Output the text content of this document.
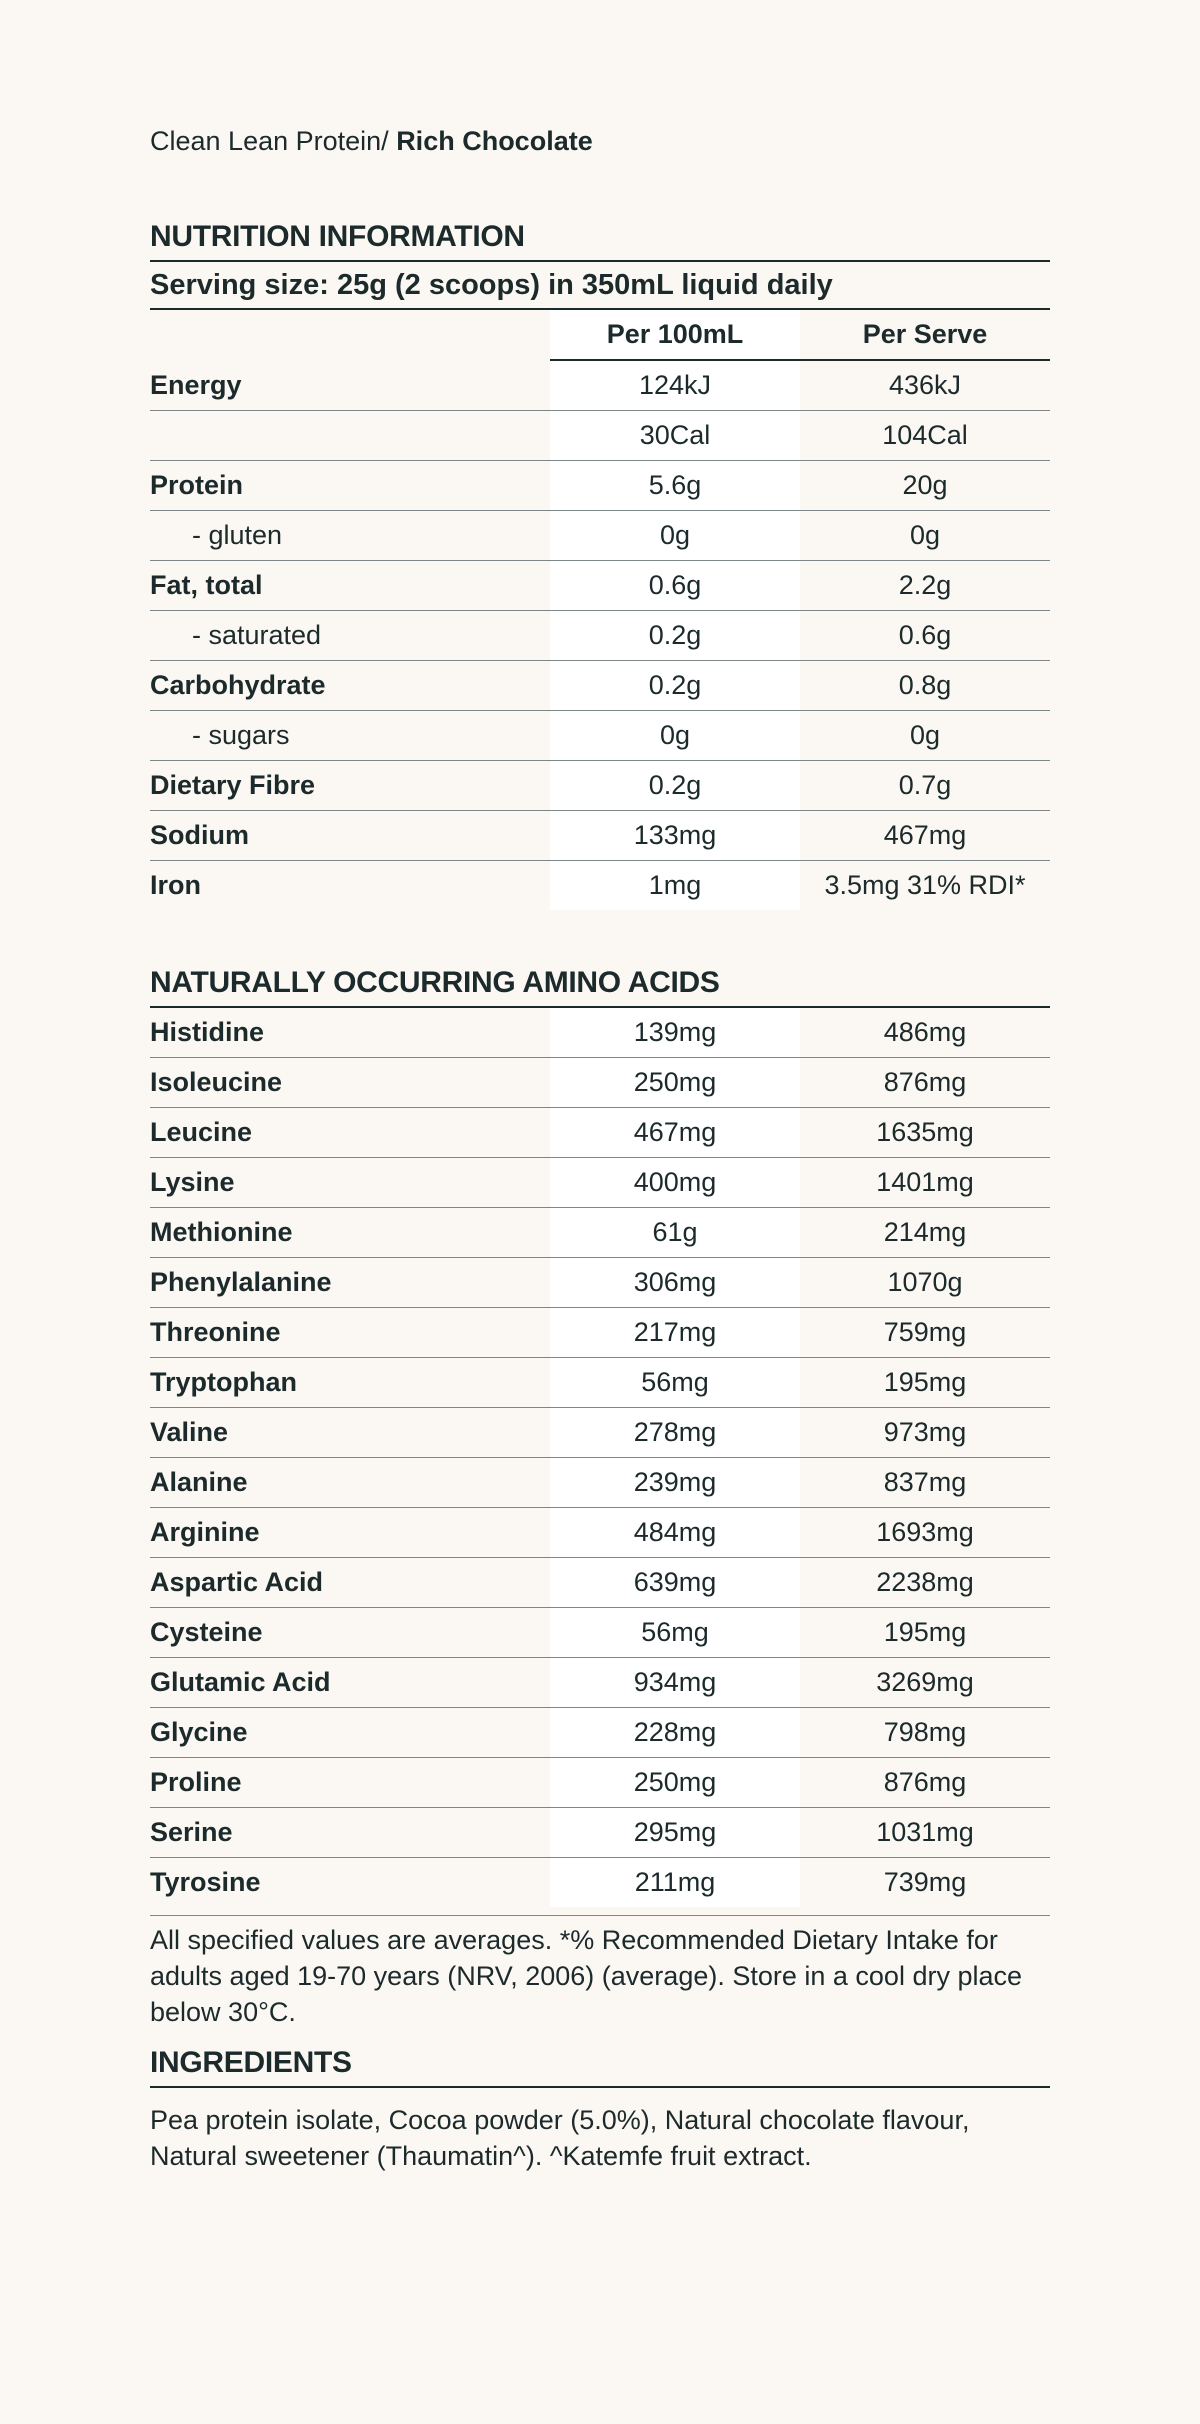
Clean Lean Protein/ Rich Chocolate
NUTRITION INFORMATION
Serving size: 25g (2 scoops) in 350mL liquid daily
	Per 100mL	Per Serve
Energy	124kJ	436kJ
	30Cal	104Cal
Protein	5.6g	20g
- gluten	0g	0g
Fat, total	0.6g	2.2g
- saturated	0.2g	0.6g
Carbohydrate	0.2g	0.8g
- sugars	0g	0g
Dietary Fibre	0.2g	0.7g
Sodium	133mg	467mg
Iron	1mg	3.5mg 31% RDI*
NATURALLY OCCURRING AMINO ACIDS
Histidine	139mg	486mg
Isoleucine	250mg	876mg
Leucine	467mg	1635mg
Lysine	400mg	1401mg
Methionine	61g	214mg
Phenylalanine	306mg	1070g
Threonine	217mg	759mg
Tryptophan	56mg	195mg
Valine	278mg	973mg
Alanine	239mg	837mg
Arginine	484mg	1693mg
Aspartic Acid	639mg	2238mg
Cysteine	56mg	195mg
Glutamic Acid	934mg	3269mg
Glycine	228mg	798mg
Proline	250mg	876mg
Serine	295mg	1031mg
Tyrosine	211mg	739mg
All specified values are averages. *% Recommended Dietary Intake for adults aged 19-70 years (NRV, 2006) (average). Store in a cool dry place below 30°C.
INGREDIENTS
Pea protein isolate, Cocoa powder (5.0%), Natural chocolate flavour, Natural sweetener (Thaumatin^). ^Katemfe fruit extract.
